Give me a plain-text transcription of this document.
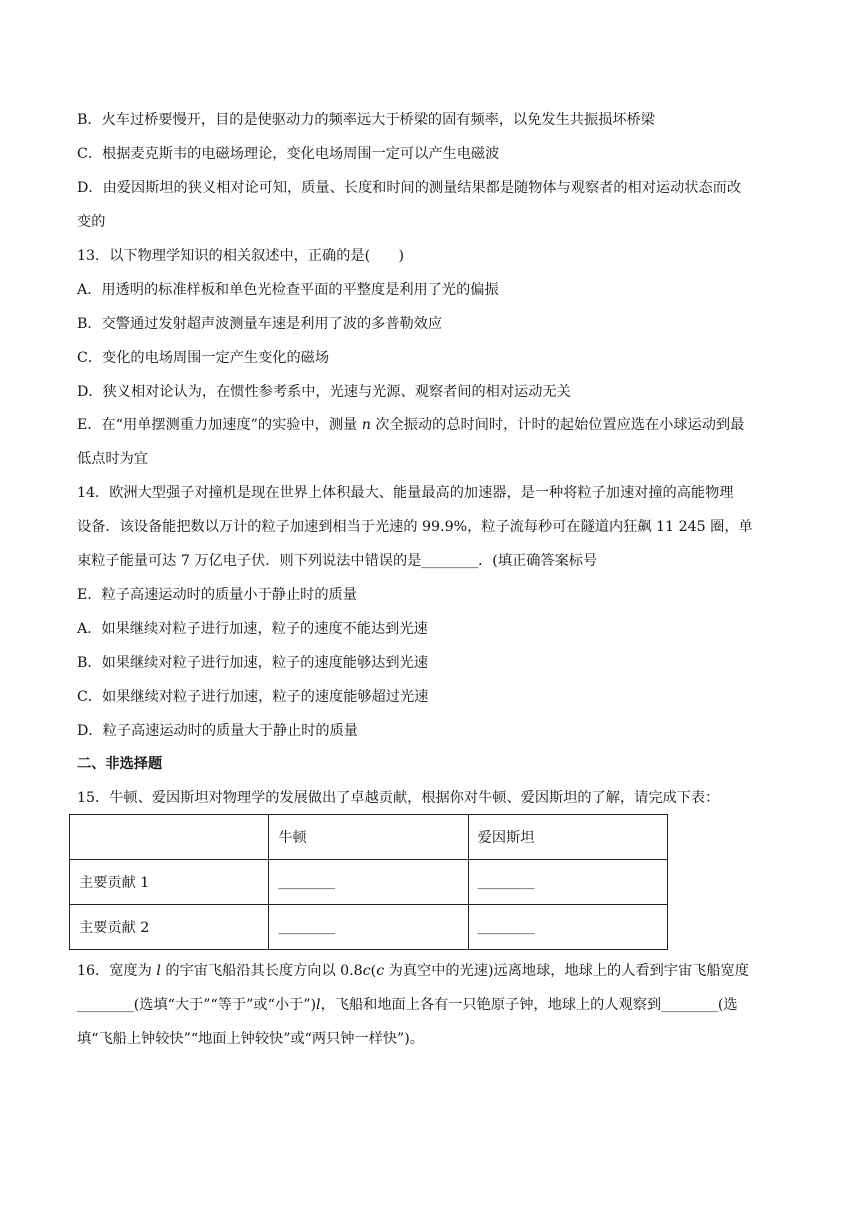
B．火车过桥要慢开，目的是使驱动力的频率远大于桥梁的固有频率，以免发生共振损坏桥梁
C．根据麦克斯韦的电磁场理论，变化电场周围一定可以产生电磁波
D．由爱因斯坦的狭义相对论可知，质量、长度和时间的测量结果都是随物体与观察者的相对运动状态而改
变的
13．以下物理学知识的相关叙述中，正确的是(　　)
A．用透明的标准样板和单色光检查平面的平整度是利用了光的偏振
B．交警通过发射超声波测量车速是利用了波的多普勒效应
C．变化的电场周围一定产生变化的磁场
D．狭义相对论认为，在惯性参考系中，光速与光源、观察者间的相对运动无关
E．在“用单摆测重力加速度”的实验中，测量 n 次全振动的总时间时，计时的起始位置应选在小球运动到最
低点时为宜
14．欧洲大型强子对撞机是现在世界上体积最大、能量最高的加速器，是一种将粒子加速对撞的高能物理
设备．该设备能把数以万计的粒子加速到相当于光速的 99.9%，粒子流每秒可在隧道内狂飙 11 245 圈，单
束粒子能量可达 7 万亿电子伏．则下列说法中错误的是________．(填正确答案标号
E．粒子高速运动时的质量小于静止时的质量
A．如果继续对粒子进行加速，粒子的速度不能达到光速
B．如果继续对粒子进行加速，粒子的速度能够达到光速
C．如果继续对粒子进行加速，粒子的速度能够超过光速
D．粒子高速运动时的质量大于静止时的质量
二、非选择题
15．牛顿、爱因斯坦对物理学的发展做出了卓越贡献，根据你对牛顿、爱因斯坦的了解，请完成下表：
	牛顿	爱因斯坦
主要贡献 1	________	________
主要贡献 2	________	________
16．宽度为 l 的宇宙飞船沿其长度方向以 0.8c(c 为真空中的光速)远离地球，地球上的人看到宇宙飞船宽度
________(选填“大于”“等于”或“小于”)l，飞船和地面上各有一只铯原子钟，地球上的人观察到________(选
填“飞船上钟较快”“地面上钟较快”或“两只钟一样快”)。
